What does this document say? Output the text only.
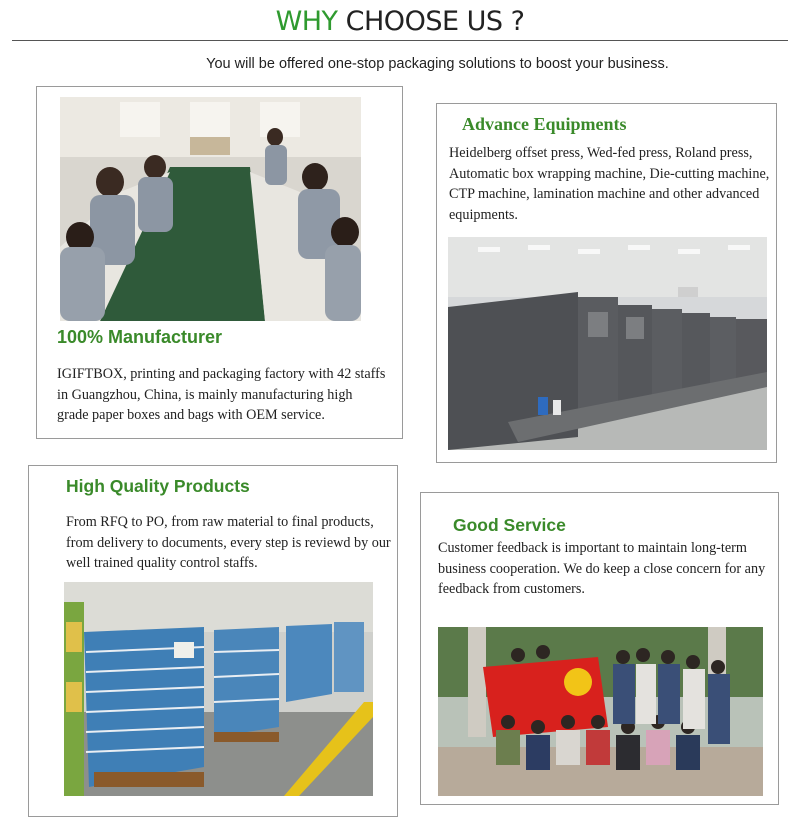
WHY CHOOSE US ?
You will be offered one-stop packaging solutions to boost your business.
100% Manufacturer
IGIFTBOX, printing and packaging factory with 42 staffs in Guangzhou, China, is mainly manufacturing high grade paper boxes and bags with OEM service.
Advance Equipments
Heidelberg offset press, Wed-fed press, Roland press, Automatic box wrapping machine, Die-cutting machine, CTP machine, lamination machine and other advanced equipments.
High Quality Products
From RFQ to PO, from raw material to final products, from delivery to documents, every step is reviewd by our well trained quality control staffs.
Good Service
Customer feedback is important to maintain long-term business cooperation. We do keep a close concern for any feedback from customers.
